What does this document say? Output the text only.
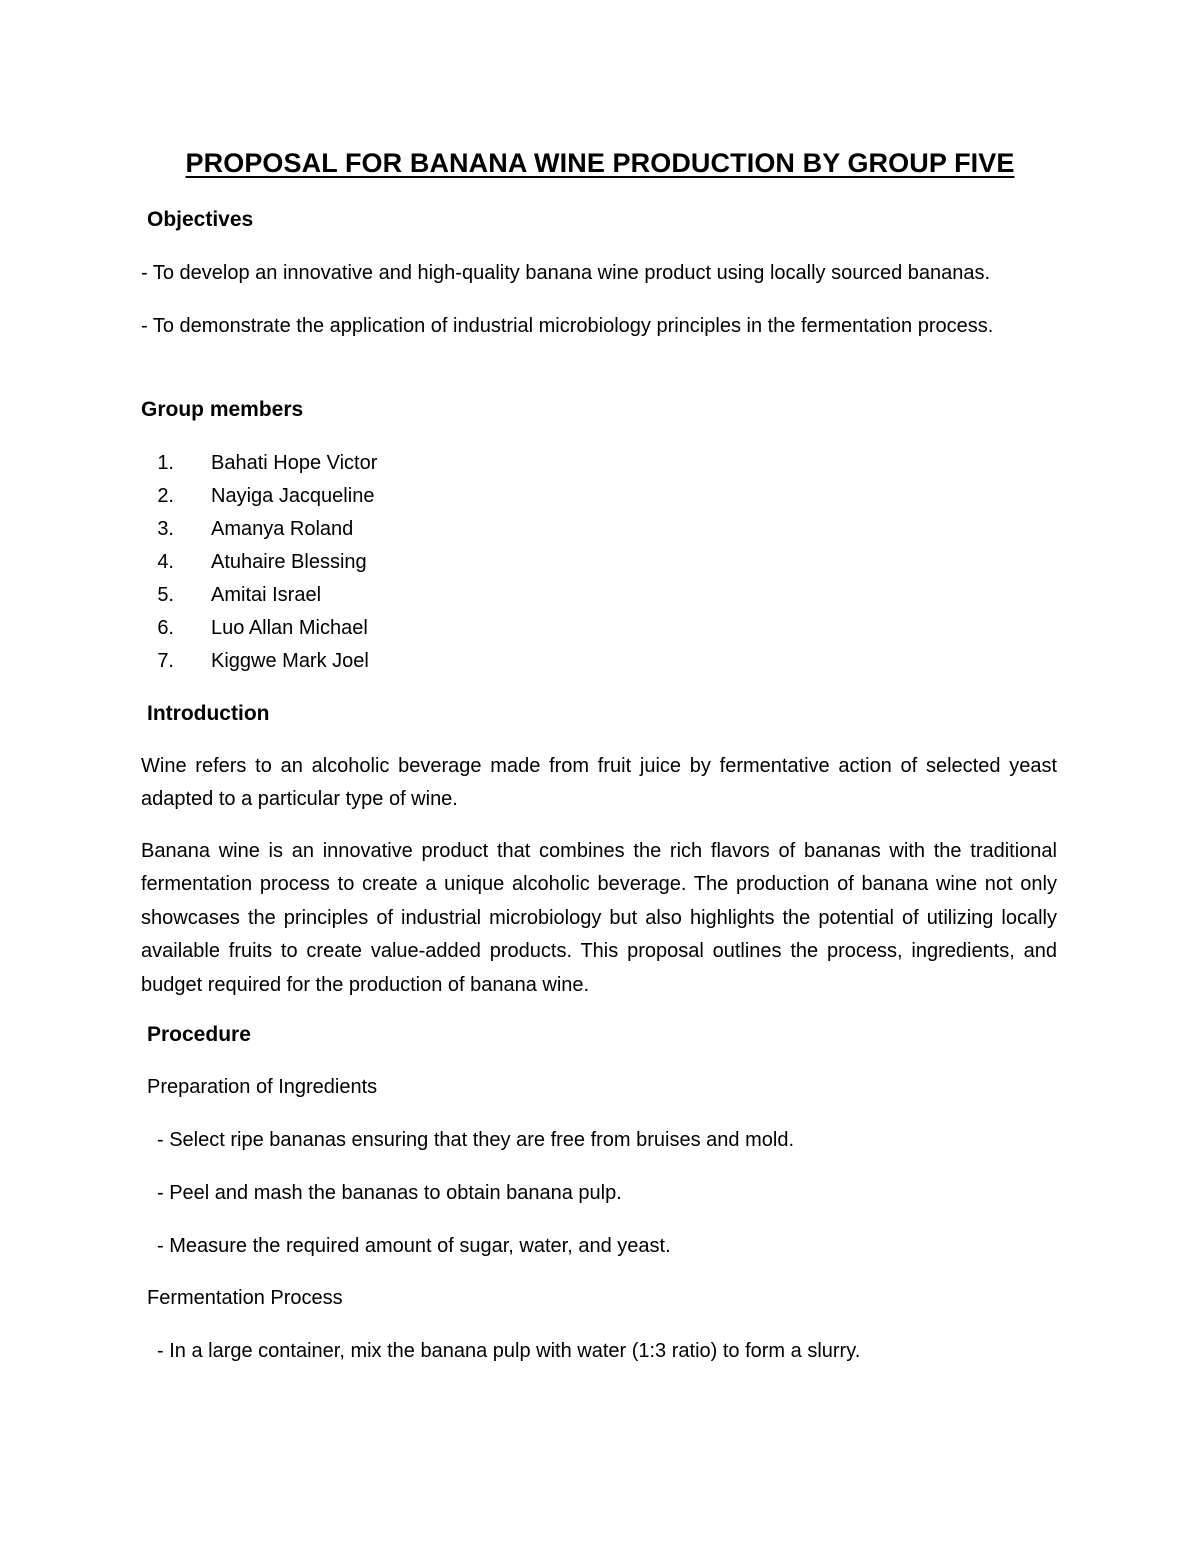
PROPOSAL FOR BANANA WINE PRODUCTION BY GROUP FIVE
Objectives
- To develop an innovative and high-quality banana wine product using locally sourced bananas.
- To demonstrate the application of industrial microbiology principles in the fermentation process.
Group members
1. Bahati Hope Victor
2. Nayiga Jacqueline
3. Amanya Roland
4. Atuhaire Blessing
5. Amitai Israel
6. Luo Allan Michael
7. Kiggwe Mark Joel
Introduction
Wine refers to an alcoholic beverage made from fruit juice by fermentative action of selected yeast adapted to a particular type of wine.
Banana wine is an innovative product that combines the rich flavors of bananas with the traditional fermentation process to create a unique alcoholic beverage. The production of banana wine not only showcases the principles of industrial microbiology but also highlights the potential of utilizing locally available fruits to create value-added products. This proposal outlines the process, ingredients, and budget required for the production of banana wine.
Procedure
Preparation of Ingredients
- Select ripe bananas ensuring that they are free from bruises and mold.
- Peel and mash the bananas to obtain banana pulp.
- Measure the required amount of sugar, water, and yeast.
Fermentation Process
- In a large container, mix the banana pulp with water (1:3 ratio) to form a slurry.
